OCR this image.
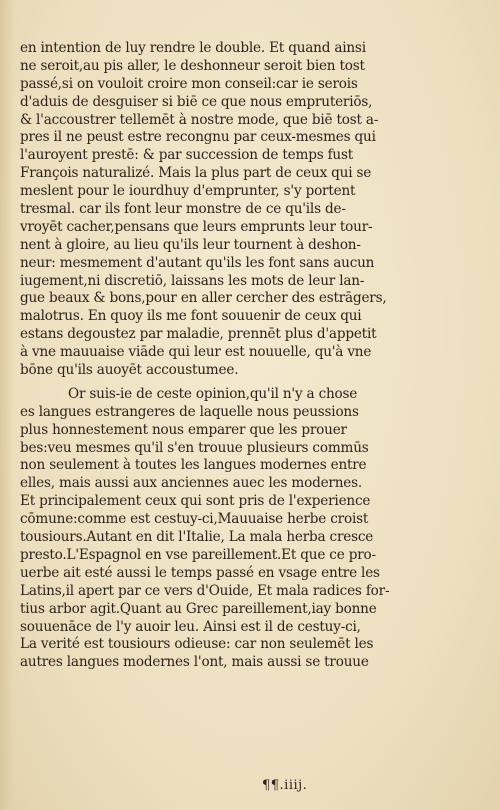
en intention de luy rendre le double. Et quand ainsi
ne seroit,au pis aller, le deshonneur seroit bien tost
passé,si on vouloit croire mon conseil:car ie serois
d'aduis de desguiser si biē ce que nous empruteriōs,
& l'accoustrer tellemēt à nostre mode, que biē tost a-
pres il ne peust estre recongnu par ceux-mesmes qui
l'auroyent prestē: & par succession de temps fust
François naturalizé. Mais la plus part de ceux qui se
meslent pour le iourdhuy d'emprunter, s'y portent
tresmal. car ils font leur monstre de ce qu'ils de-
vroyēt cacher,pensans que leurs emprunts leur tour-
nent à gloire, au lieu qu'ils leur tournent à deshon-
neur: mesmement d'autant qu'ils les font sans aucun
iugement,ni discretiō, laissans les mots de leur lan-
gue beaux & bons,pour en aller cercher des estrāgers,
malotrus. En quoy ils me font souuenir de ceux qui
estans degoustez par maladie, prennēt plus d'appetit
à vne mauuaise viāde qui leur est nouuelle, qu'à vne
bōne qu'ils auoyēt accoustumee.
Or suis-ie de ceste opinion,qu'il n'y a chose
es langues estrangeres de laquelle nous peussions
plus honnestement nous emparer que les prouer
bes:veu mesmes qu'il s'en trouue plusieurs commūs
non seulement à toutes les langues modernes entre
elles, mais aussi aux anciennes auec les modernes.
Et principalement ceux qui sont pris de l'experience
cōmune:comme est cestuy-ci,Mauuaise herbe croist
tousiours.Autant en dit l'Italie, La mala herba cresce
presto.L'Espagnol en vse pareillement.Et que ce pro-
uerbe ait esté aussi le temps passé en vsage entre les
Latins,il apert par ce vers d'Ouide, Et mala radices for-
tius arbor agit.Quant au Grec pareillement,iay bonne
souuenāce de l'y auoir leu. Ainsi est il de cestuy-ci,
La verité est tousiours odieuse: car non seulemēt les
autres langues modernes l'ont, mais aussi se trouue
¶¶.iiij.
